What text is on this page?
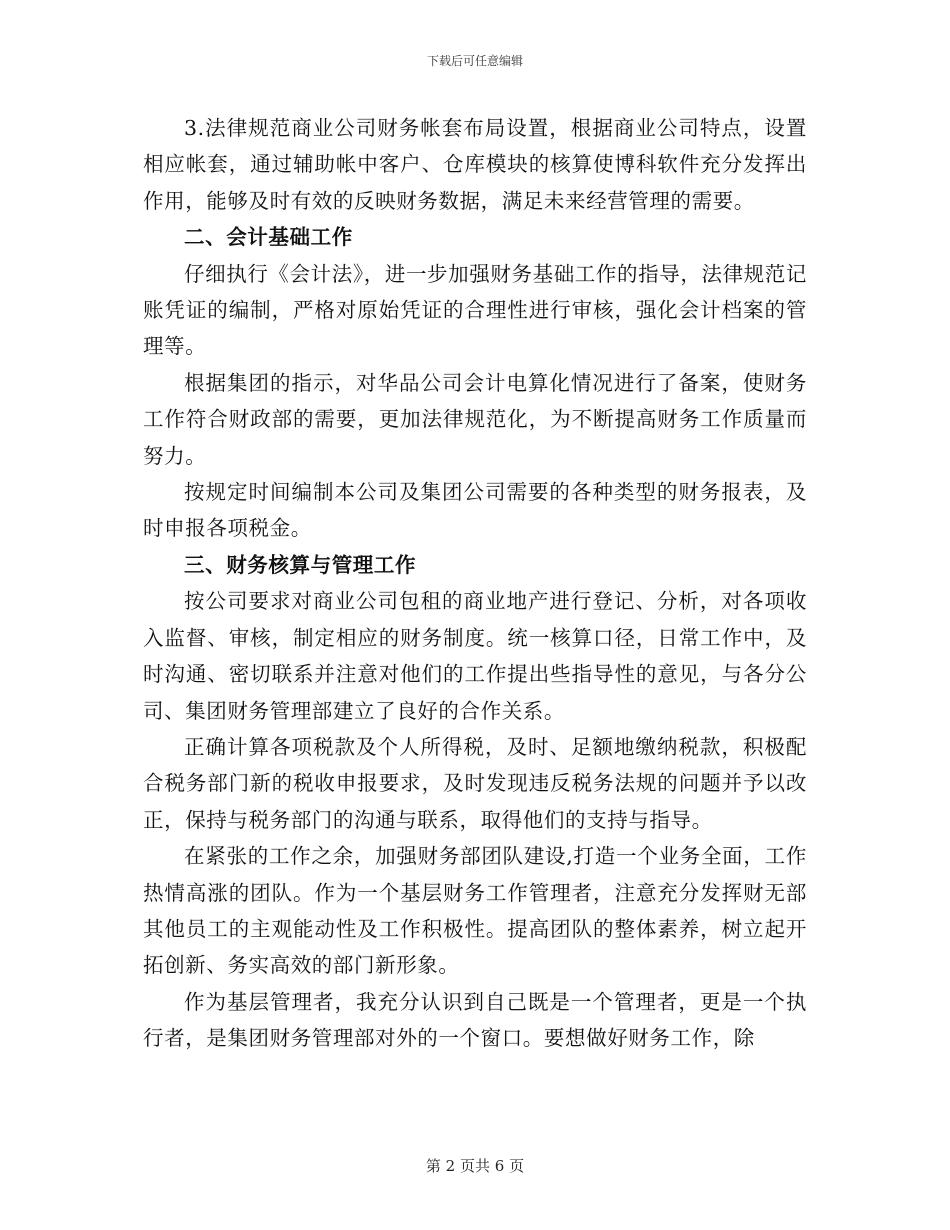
下载后可任意编辑

3.法律规范商业公司财务帐套布局设置，根据商业公司特点，设置相应帐套，通过辅助帐中客户、仓库模块的核算使博科软件充分发挥出作用，能够及时有效的反映财务数据，满足未来经营管理的需要。

二、会计基础工作

仔细执行《会计法》，进一步加强财务基础工作的指导，法律规范记账凭证的编制，严格对原始凭证的合理性进行审核，强化会计档案的管理等。

根据集团的指示，对华品公司会计电算化情况进行了备案，使财务工作符合财政部的需要，更加法律规范化，为不断提高财务工作质量而努力。

按规定时间编制本公司及集团公司需要的各种类型的财务报表，及时申报各项税金。

三、财务核算与管理工作

按公司要求对商业公司包租的商业地产进行登记、分析，对各项收入监督、审核，制定相应的财务制度。统一核算口径，日常工作中，及时沟通、密切联系并注意对他们的工作提出些指导性的意见，与各分公司、集团财务管理部建立了良好的合作关系。

正确计算各项税款及个人所得税，及时、足额地缴纳税款，积极配合税务部门新的税收申报要求，及时发现违反税务法规的问题并予以改正，保持与税务部门的沟通与联系，取得他们的支持与指导。

在紧张的工作之余，加强财务部团队建设,打造一个业务全面，工作热情高涨的团队。作为一个基层财务工作管理者，注意充分发挥财无部其他员工的主观能动性及工作积极性。提高团队的整体素养，树立起开拓创新、务实高效的部门新形象。

作为基层管理者，我充分认识到自己既是一个管理者，更是一个执行者，是集团财务管理部对外的一个窗口。要想做好财务工作，除

第 2 页共 6 页
